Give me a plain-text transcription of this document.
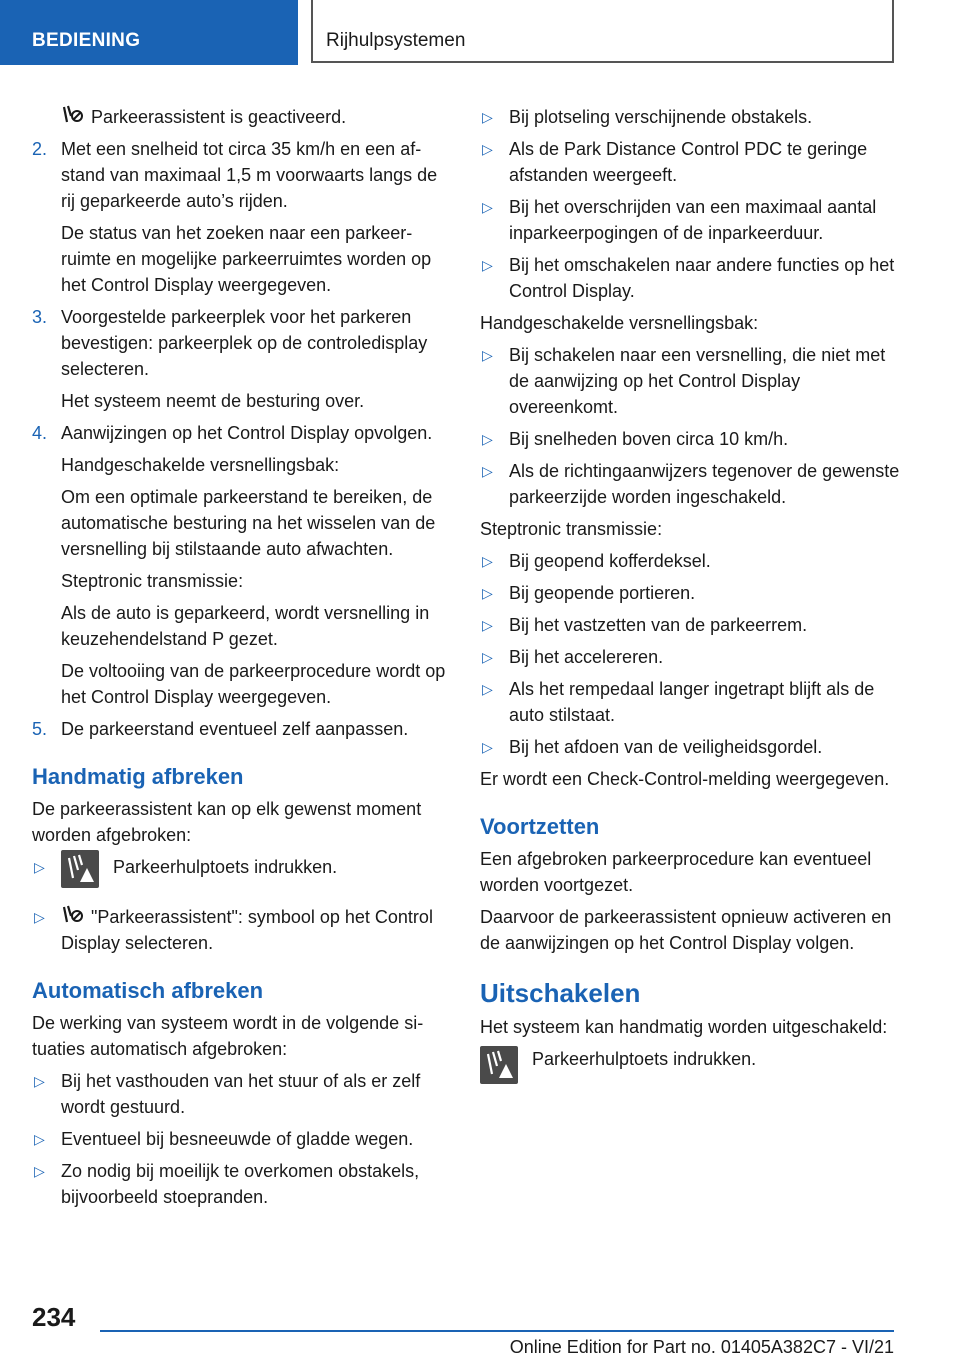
BEDIENING	Rijhulpsystemen
Parkeerassistent is geactiveerd.
2. Met een snelheid tot circa 35 km/h en een afstand van maximaal 1,5 m voorwaarts langs de rij geparkeerde auto’s rijden.
De status van het zoeken naar een parkeerruimte en mogelijke parkeerruimtes worden op het Control Display weergegeven.
3. Voorgestelde parkeerplek voor het parkeren bevestigen: parkeerplek op de controledisplay selecteren.
Het systeem neemt de besturing over.
4. Aanwijzingen op het Control Display opvolgen.
Handgeschakelde versnellingsbak:
Om een optimale parkeerstand te bereiken, de automatische besturing na het wisselen van de versnelling bij stilstaande auto afwachten.
Steptronic transmissie:
Als de auto is geparkeerd, wordt versnelling in keuzehendelstand P gezet.
De voltooiing van de parkeerprocedure wordt op het Control Display weergegeven.
5. De parkeerstand eventueel zelf aanpassen.
Handmatig afbreken
De parkeerassistent kan op elk gewenst moment worden afgebroken:
▷	Parkeerhulptoets indrukken.
▷	"Parkeerassistent": symbool op het Control Display selecteren.
Automatisch afbreken
De werking van systeem wordt in de volgende situaties automatisch afgebroken:
▷ Bij het vasthouden van het stuur of als er zelf wordt gestuurd.
▷ Eventueel bij besneeuwde of gladde wegen.
▷ Zo nodig bij moeilijk te overkomen obstakels, bijvoorbeeld stoepranden.
▷ Bij plotseling verschijnende obstakels.
▷ Als de Park Distance Control PDC te geringe afstanden weergeeft.
▷ Bij het overschrijden van een maximaal aantal inparkeerpogingen of de inparkeerduur.
▷ Bij het omschakelen naar andere functies op het Control Display.
Handgeschakelde versnellingsbak:
▷ Bij schakelen naar een versnelling, die niet met de aanwijzing op het Control Display overeenkomt.
▷ Bij snelheden boven circa 10 km/h.
▷ Als de richtingaanwijzers tegenover de gewenste parkeerzijde worden ingeschakeld.
Steptronic transmissie:
▷ Bij geopend kofferdeksel.
▷ Bij geopende portieren.
▷ Bij het vastzetten van de parkeerrem.
▷ Bij het accelereren.
▷ Als het rempedaal langer ingetrapt blijft als de auto stilstaat.
▷ Bij het afdoen van de veiligheidsgordel.
Er wordt een Check-Control-melding weergegeven.
Voortzetten
Een afgebroken parkeerprocedure kan eventueel worden voortgezet.
Daarvoor de parkeerassistent opnieuw activeren en de aanwijzingen op het Control Display volgen.
Uitschakelen
Het systeem kan handmatig worden uitgeschakeld:
Parkeerhulptoets indrukken.
234
Online Edition for Part no. 01405A382C7 - VI/21
